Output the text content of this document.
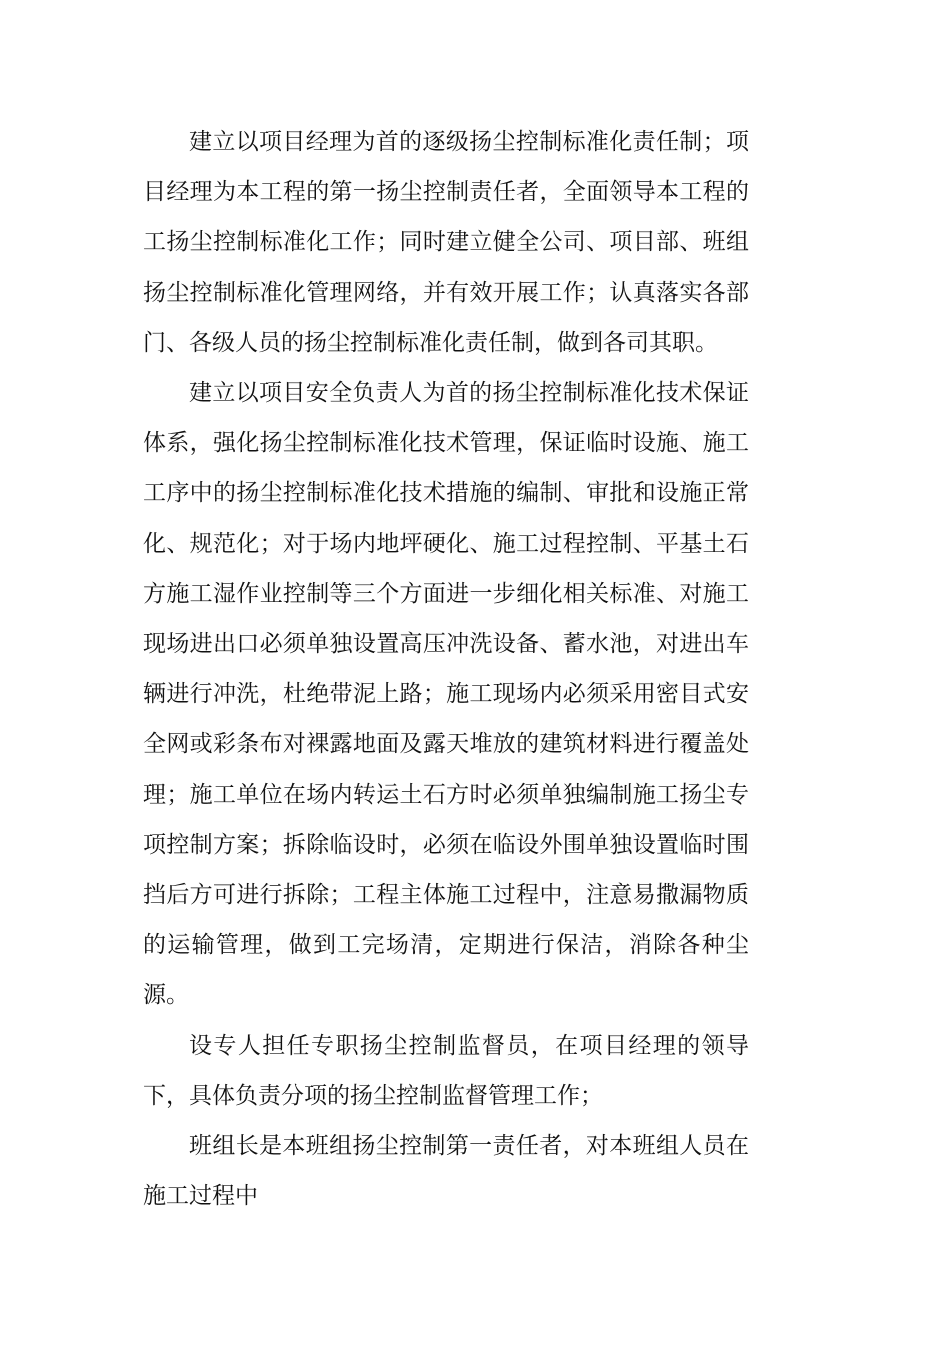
建立以项目经理为首的逐级扬尘控制标准化责任制；项目经理为本工程的第一扬尘控制责任者，全面领导本工程的工扬尘控制标准化工作；同时建立健全公司、项目部、班组扬尘控制标准化管理网络，并有效开展工作；认真落实各部门、各级人员的扬尘控制标准化责任制，做到各司其职。

建立以项目安全负责人为首的扬尘控制标准化技术保证体系，强化扬尘控制标准化技术管理，保证临时设施、施工工序中的扬尘控制标准化技术措施的编制、审批和设施正常化、规范化；对于场内地坪硬化、施工过程控制、平基土石方施工湿作业控制等三个方面进一步细化相关标准、对施工现场进出口必须单独设置高压冲洗设备、蓄水池，对进出车辆进行冲洗，杜绝带泥上路；施工现场内必须采用密目式安全网或彩条布对裸露地面及露天堆放的建筑材料进行覆盖处理；施工单位在场内转运土石方时必须单独编制施工扬尘专项控制方案；拆除临设时，必须在临设外围单独设置临时围挡后方可进行拆除；工程主体施工过程中，注意易撒漏物质的运输管理，做到工完场清，定期进行保洁，消除各种尘源。

设专人担任专职扬尘控制监督员，在项目经理的领导下，具体负责分项的扬尘控制监督管理工作；

班组长是本班组扬尘控制第一责任者，对本班组人员在施工过程中
